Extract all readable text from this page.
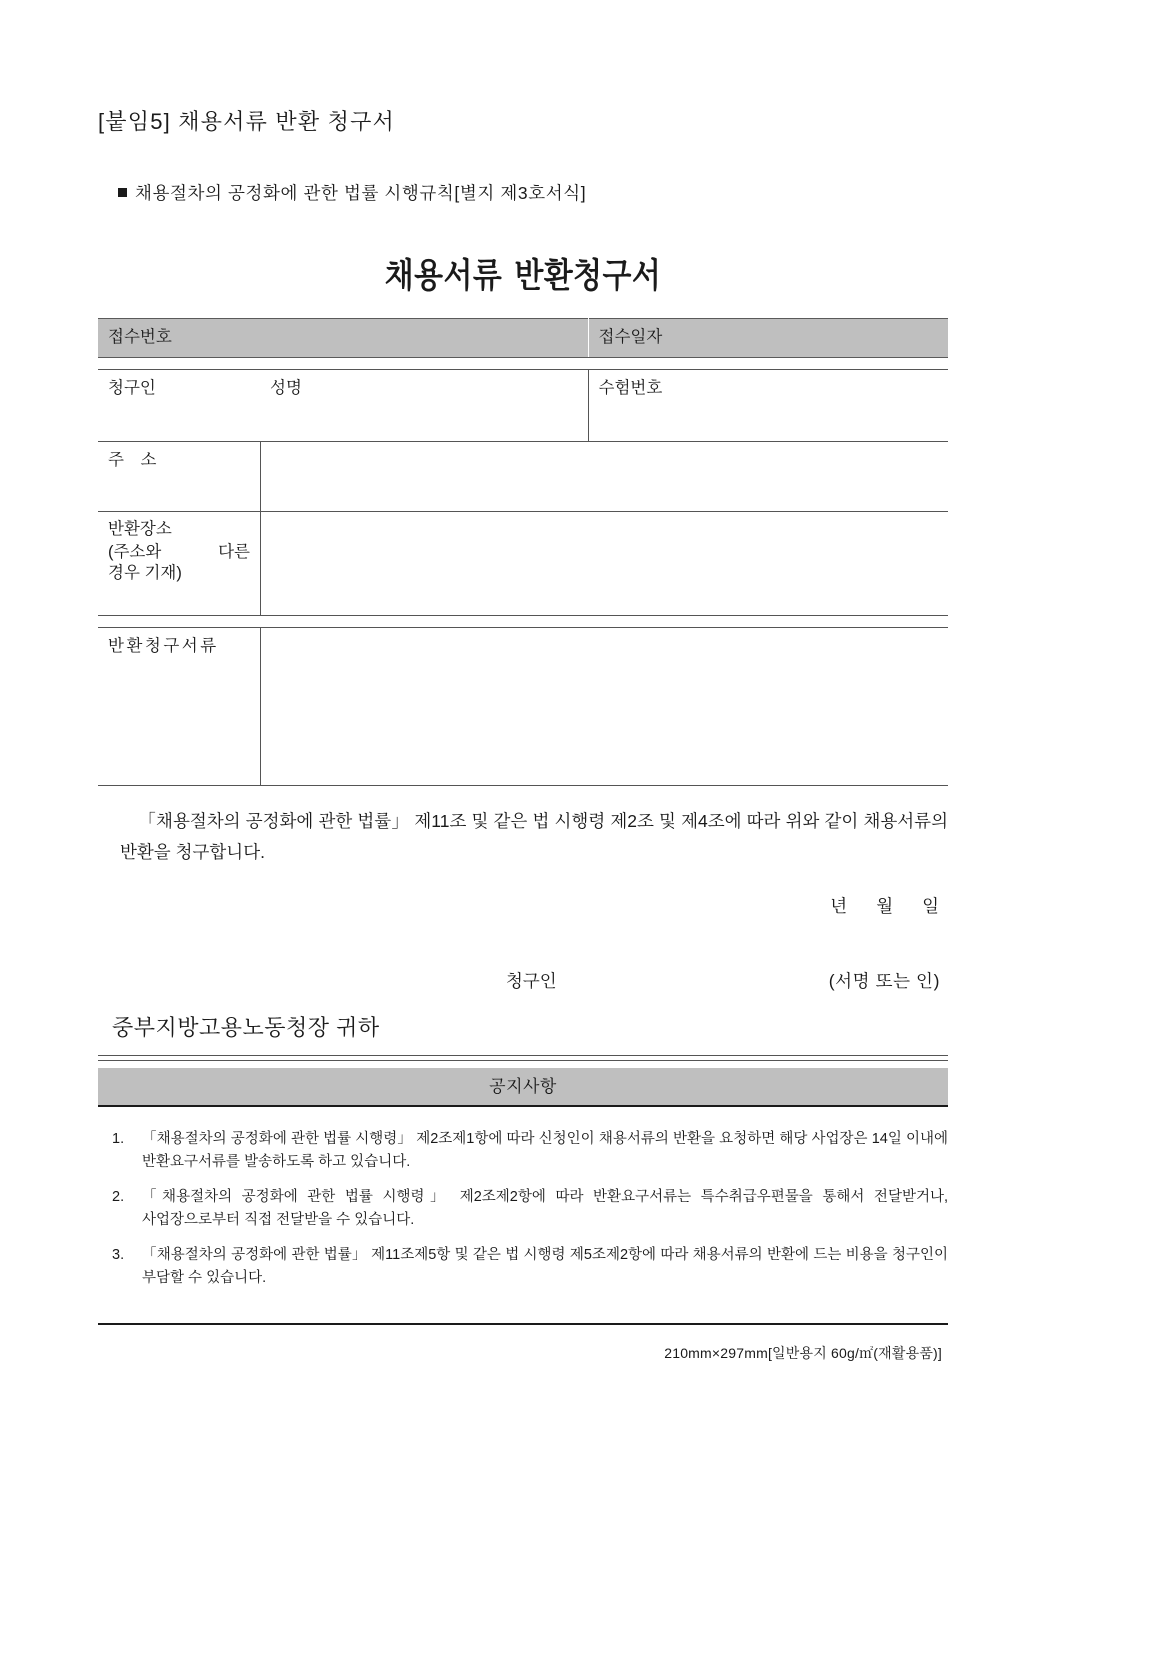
[붙임5] 채용서류 반환 청구서
채용절차의 공정화에 관한 법률 시행규칙[별지 제3호서식]
채용서류 반환청구서
접수번호		접수일자

청구인	성명	수험번호
주 소		

반환장소
(주소와 다른
경우 기재)		

반환청구서류		
「채용절차의 공정화에 관한 법률」 제11조 및 같은 법 시행령 제2조 및 제4조에 따라 위와 같이 채용서류의 반환을 청구합니다.
년 월 일
청구인	(서명 또는 인)
중부지방고용노동청장 귀하
공지사항
1.	「채용절차의 공정화에 관한 법률 시행령」 제2조제1항에 따라 신청인이 채용서류의 반환을 요청하면 해당 사업장은 14일 이내에 반환요구서류를 발송하도록 하고 있습니다.
2.	「채용절차의 공정화에 관한 법률 시행령」 제2조제2항에 따라 반환요구서류는 특수취급우편물을 통해서 전달받거나, 사업장으로부터 직접 전달받을 수 있습니다.
3.	「채용절차의 공정화에 관한 법률」 제11조제5항 및 같은 법 시행령 제5조제2항에 따라 채용서류의 반환에 드는 비용을 청구인이 부담할 수 있습니다.
210mm×297mm[일반용지 60g/㎡(재활용품)]
